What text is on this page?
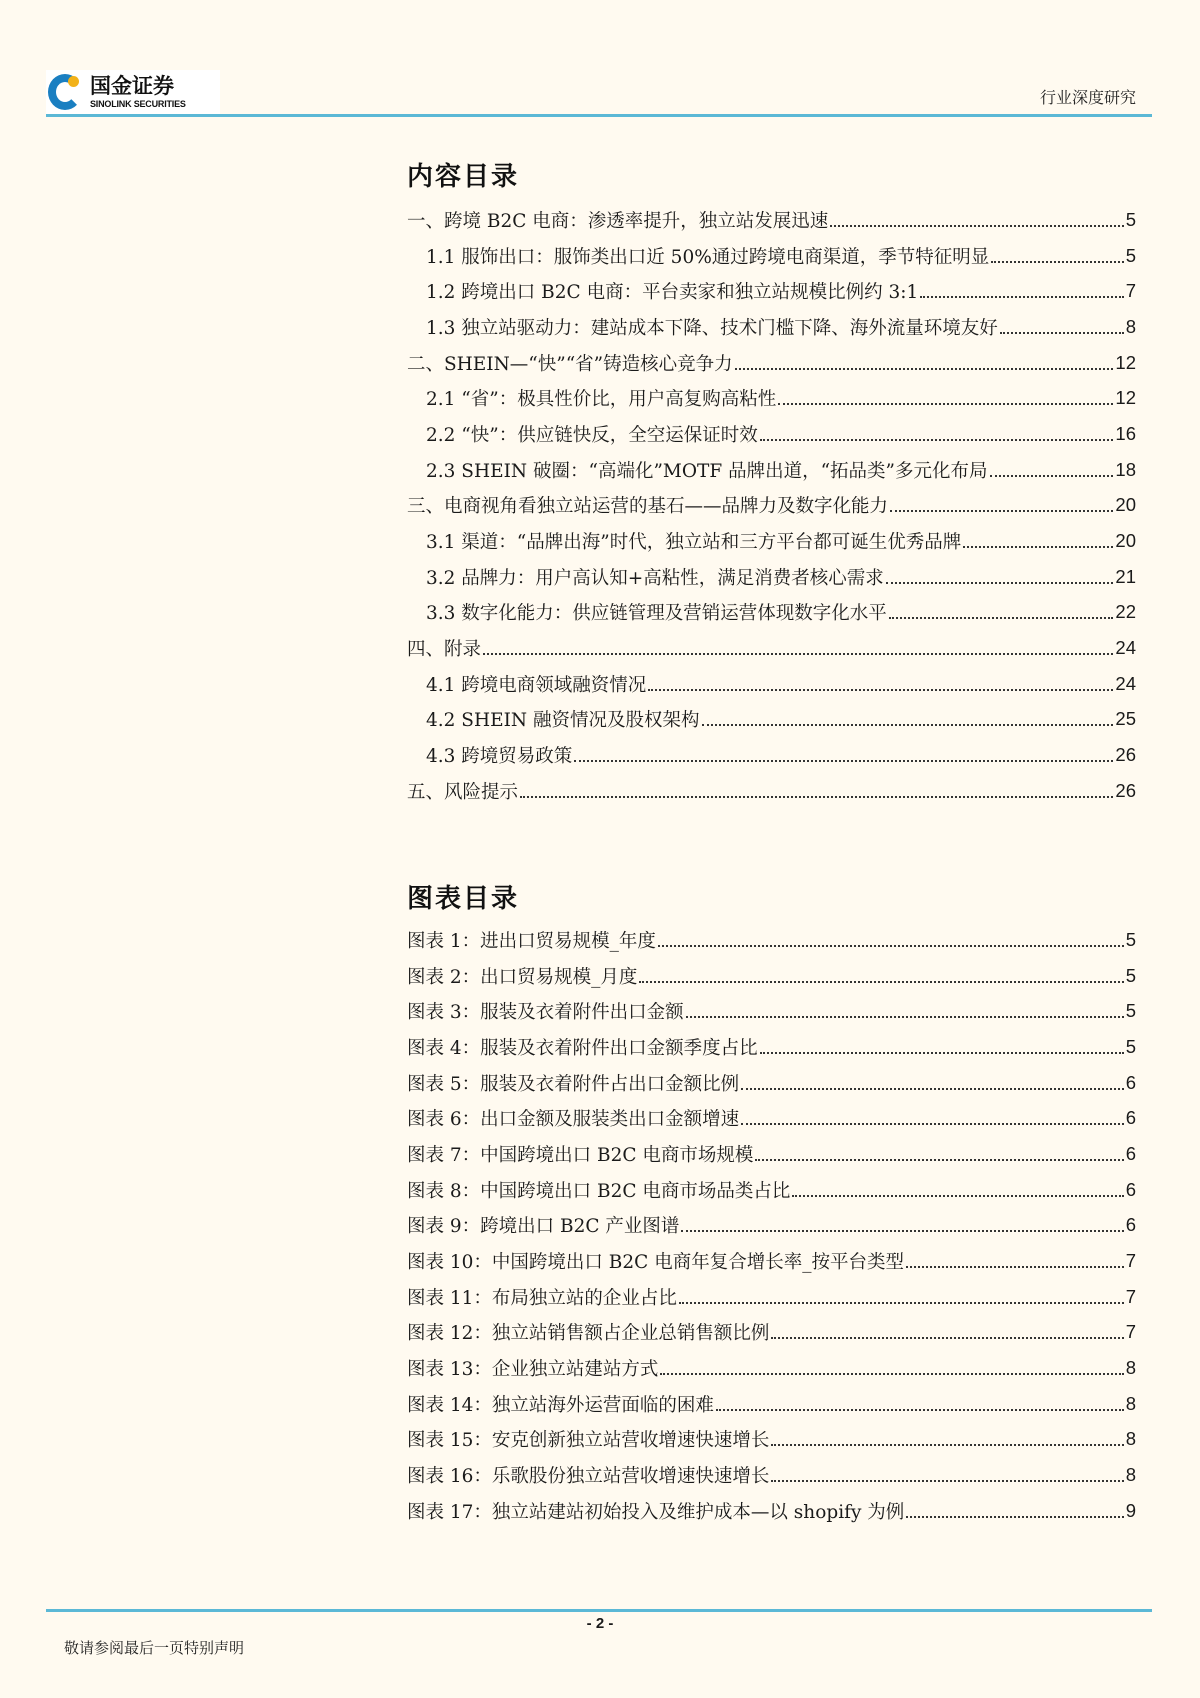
国金证券
SINOLINK SECURITIES	行业深度研究
内容目录
一、跨境 B2C 电商：渗透率提升，独立站发展迅速	5
1.1 服饰出口：服饰类出口近 50%通过跨境电商渠道，季节特征明显	5
1.2 跨境出口 B2C 电商：平台卖家和独立站规模比例约 3:1	7
1.3 独立站驱动力：建站成本下降、技术门槛下降、海外流量环境友好	8
二、SHEIN—“快”“省”铸造核心竞争力	12
2.1 “省”：极具性价比，用户高复购高粘性	12
2.2 “快”：供应链快反，全空运保证时效	16
2.3 SHEIN 破圈：“高端化”MOTF 品牌出道，“拓品类”多元化布局	18
三、电商视角看独立站运营的基石——品牌力及数字化能力	20
3.1 渠道：“品牌出海”时代，独立站和三方平台都可诞生优秀品牌	20
3.2 品牌力：用户高认知+高粘性，满足消费者核心需求	21
3.3 数字化能力：供应链管理及营销运营体现数字化水平	22
四、附录	24
4.1 跨境电商领域融资情况	24
4.2 SHEIN 融资情况及股权架构	25
4.3 跨境贸易政策	26
五、风险提示	26
图表目录
图表 1：进出口贸易规模_年度	5
图表 2：出口贸易规模_月度	5
图表 3：服装及衣着附件出口金额	5
图表 4：服装及衣着附件出口金额季度占比	5
图表 5：服装及衣着附件占出口金额比例	6
图表 6：出口金额及服装类出口金额增速	6
图表 7：中国跨境出口 B2C 电商市场规模	6
图表 8：中国跨境出口 B2C 电商市场品类占比	6
图表 9：跨境出口 B2C 产业图谱	6
图表 10：中国跨境出口 B2C 电商年复合增长率_按平台类型	7
图表 11：布局独立站的企业占比	7
图表 12：独立站销售额占企业总销售额比例	7
图表 13：企业独立站建站方式	8
图表 14：独立站海外运营面临的困难	8
图表 15：安克创新独立站营收增速快速增长	8
图表 16：乐歌股份独立站营收增速快速增长	8
图表 17：独立站建站初始投入及维护成本—以 shopify 为例	9
- 2 -
敬请参阅最后一页特别声明
